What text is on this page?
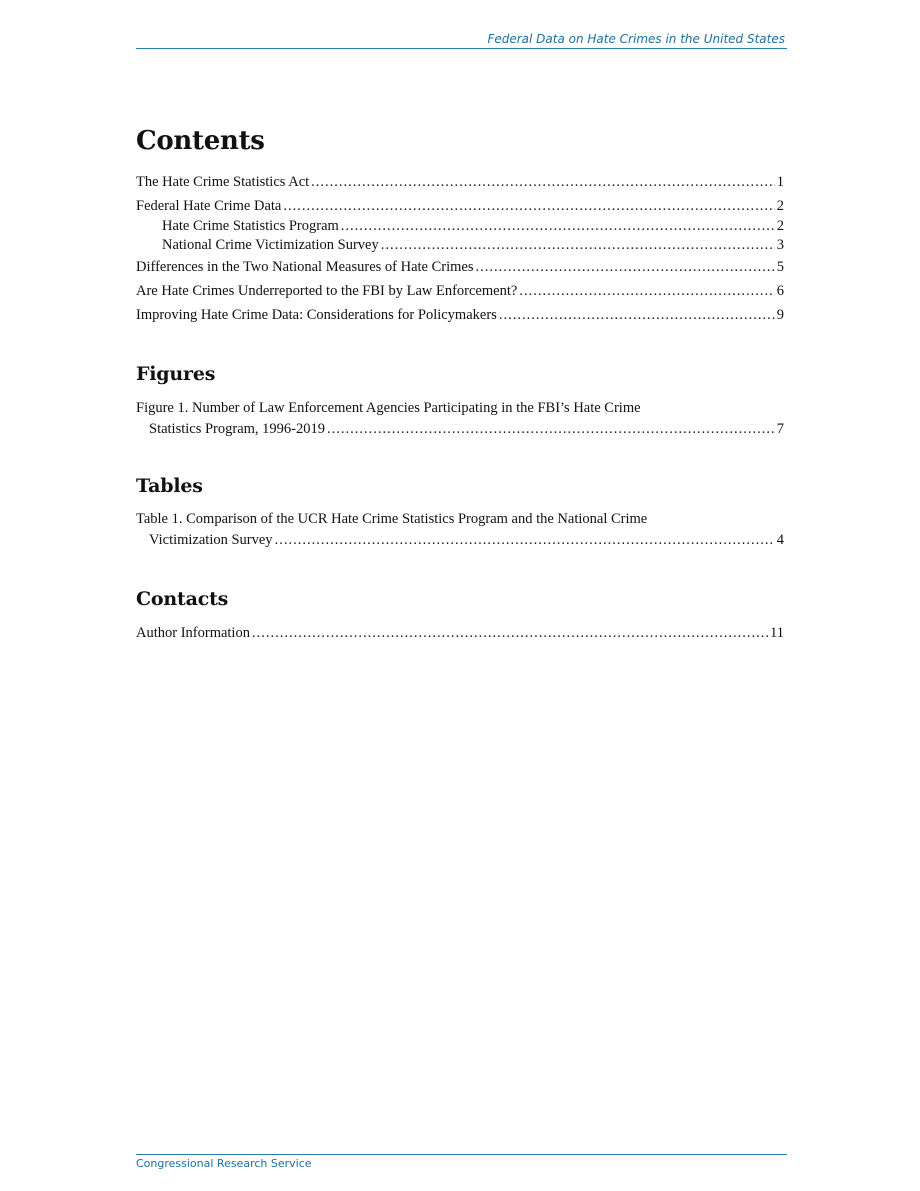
Federal Data on Hate Crimes in the United States
Contents
The Hate Crime Statistics Act .....	1
Federal Hate Crime Data .....	2
Hate Crime Statistics Program .....	2
National Crime Victimization Survey .....	3
Differences in the Two National Measures of Hate Crimes .....	5
Are Hate Crimes Underreported to the FBI by Law Enforcement? .....	6
Improving Hate Crime Data: Considerations for Policymakers .....	9
Figures
Figure 1. Number of Law Enforcement Agencies Participating in the FBI’s Hate Crime
Statistics Program, 1996-2019 .....	7
Tables
Table 1. Comparison of the UCR Hate Crime Statistics Program and the National Crime
Victimization Survey .....	4
Contacts
Author Information .....	11
Congressional Research Service
